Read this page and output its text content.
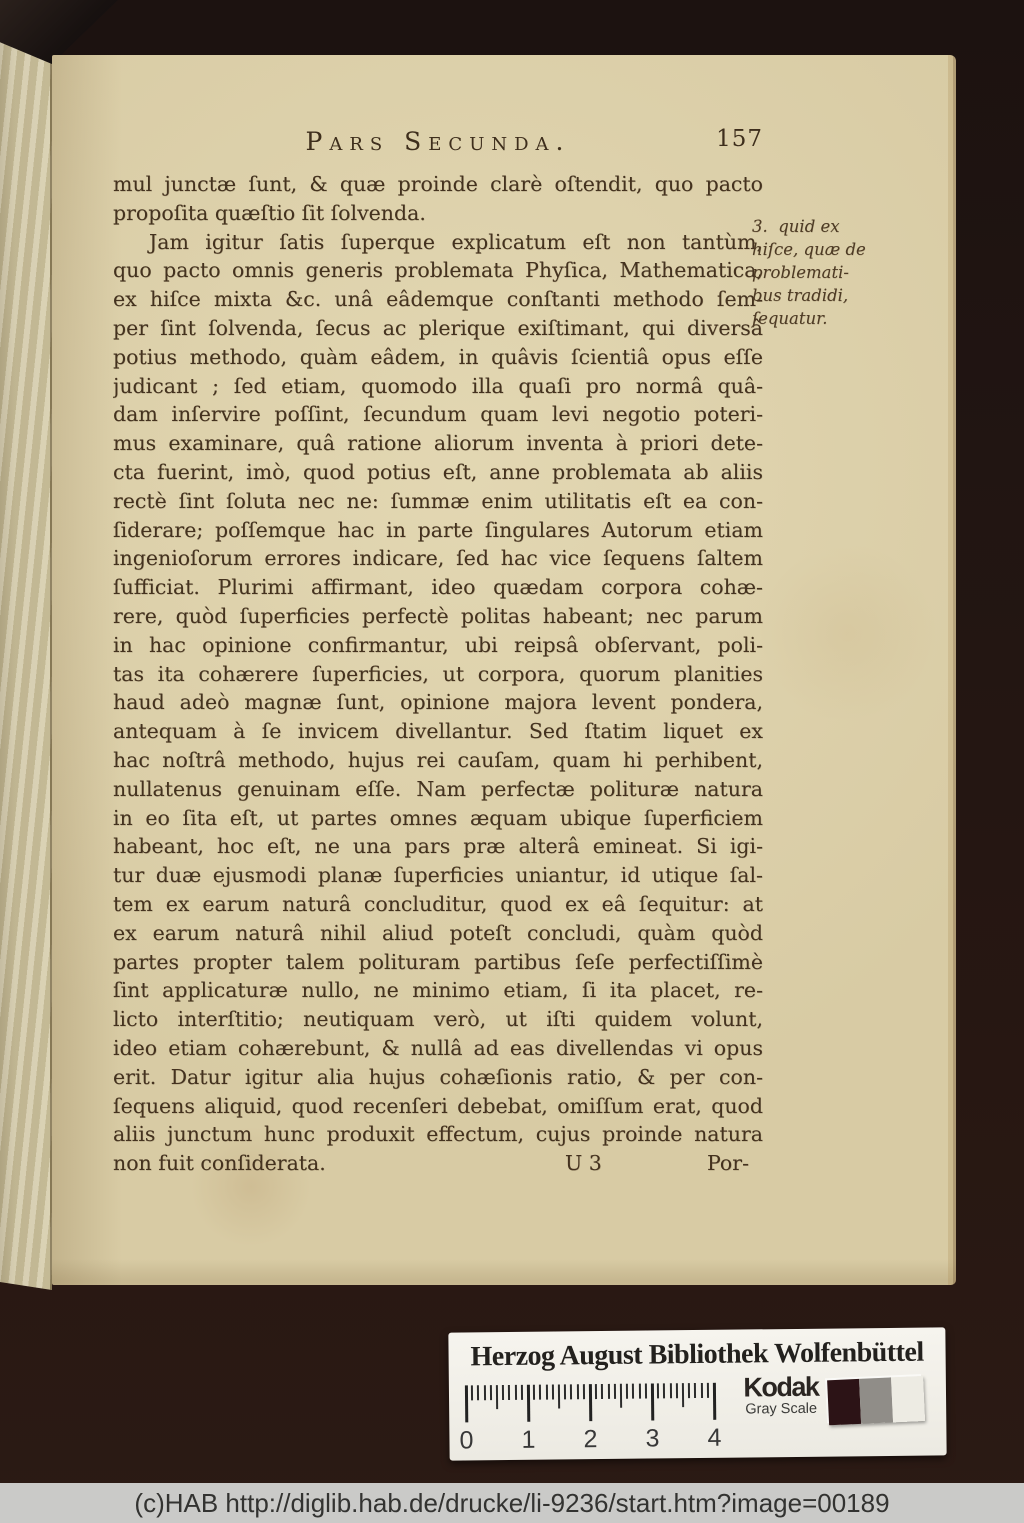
Pars Secunda.	157
mul junctæ ſunt, & quæ proinde clarè oſtendit, quo pacto
propoſita quæſtio ſit ſolvenda.
Jam igitur ſatis ſuperque explicatum eſt non tantùm,
quo pacto omnis generis problemata Phyſica, Mathematica,
ex hiſce mixta &c. unâ eâdemque conſtanti methodo ſem-
per ſint ſolvenda, ſecus ac plerique exiſtimant, qui diversâ
potius methodo, quàm eâdem, in quâvis ſcientiâ opus eſſe
judicant ; ſed etiam, quomodo illa quaſi pro normâ quâ-
dam inſervire poſſint, ſecundum quam levi negotio poteri-
mus examinare, quâ ratione aliorum inventa à priori dete-
cta fuerint, imò, quod potius eſt, anne problemata ab aliis
rectè ſint ſoluta nec ne: ſummæ enim utilitatis eſt ea con-
ſiderare; poſſemque hac in parte ſingulares Autorum etiam
ingenioſorum errores indicare, ſed hac vice ſequens ſaltem
ſufficiat. Plurimi affirmant, ideo quædam corpora cohæ-
rere, quòd ſuperficies perfectè politas habeant; nec parum
in hac opinione confirmantur, ubi reipsâ obſervant, poli-
tas ita cohærere ſuperficies, ut corpora, quorum planities
haud adeò magnæ ſunt, opinione majora levent pondera,
antequam à ſe invicem divellantur. Sed ſtatim liquet ex
hac noſtrâ methodo, hujus rei cauſam, quam hi perhibent,
nullatenus genuinam eſſe. Nam perfectæ polituræ natura
in eo ſita eſt, ut partes omnes æquam ubique ſuperficiem
habeant, hoc eſt, ne una pars præ alterâ emineat. Si igi-
tur duæ ejusmodi planæ ſuperficies uniantur, id utique ſal-
tem ex earum naturâ concluditur, quod ex eâ ſequitur: at
ex earum naturâ nihil aliud poteſt concludi, quàm quòd
partes propter talem polituram partibus ſeſe perfectiſſimè
ſint applicaturæ nullo, ne minimo etiam, ſi ita placet, re-
licto interſtitio; neutiquam verò, ut iſti quidem volunt,
ideo etiam cohærebunt, & nullâ ad eas divellendas vi opus
erit. Datur igitur alia hujus cohæſionis ratio, & per con-
ſequens aliquid, quod recenſeri debebat, omiſſum erat, quod
aliis junctum hunc produxit effectum, cujus proinde natura
non fuit conſiderata.	U 3	Por-
3.  quid ex
hiſce, quæ de
problemati-
bus tradidi,
ſequatur.
Herzog August Bibliothek Wolfenbüttel
0 1 2 3 4
Kodak
Gray Scale
(c)HAB http://diglib.hab.de/drucke/li-9236/start.htm?image=00189
